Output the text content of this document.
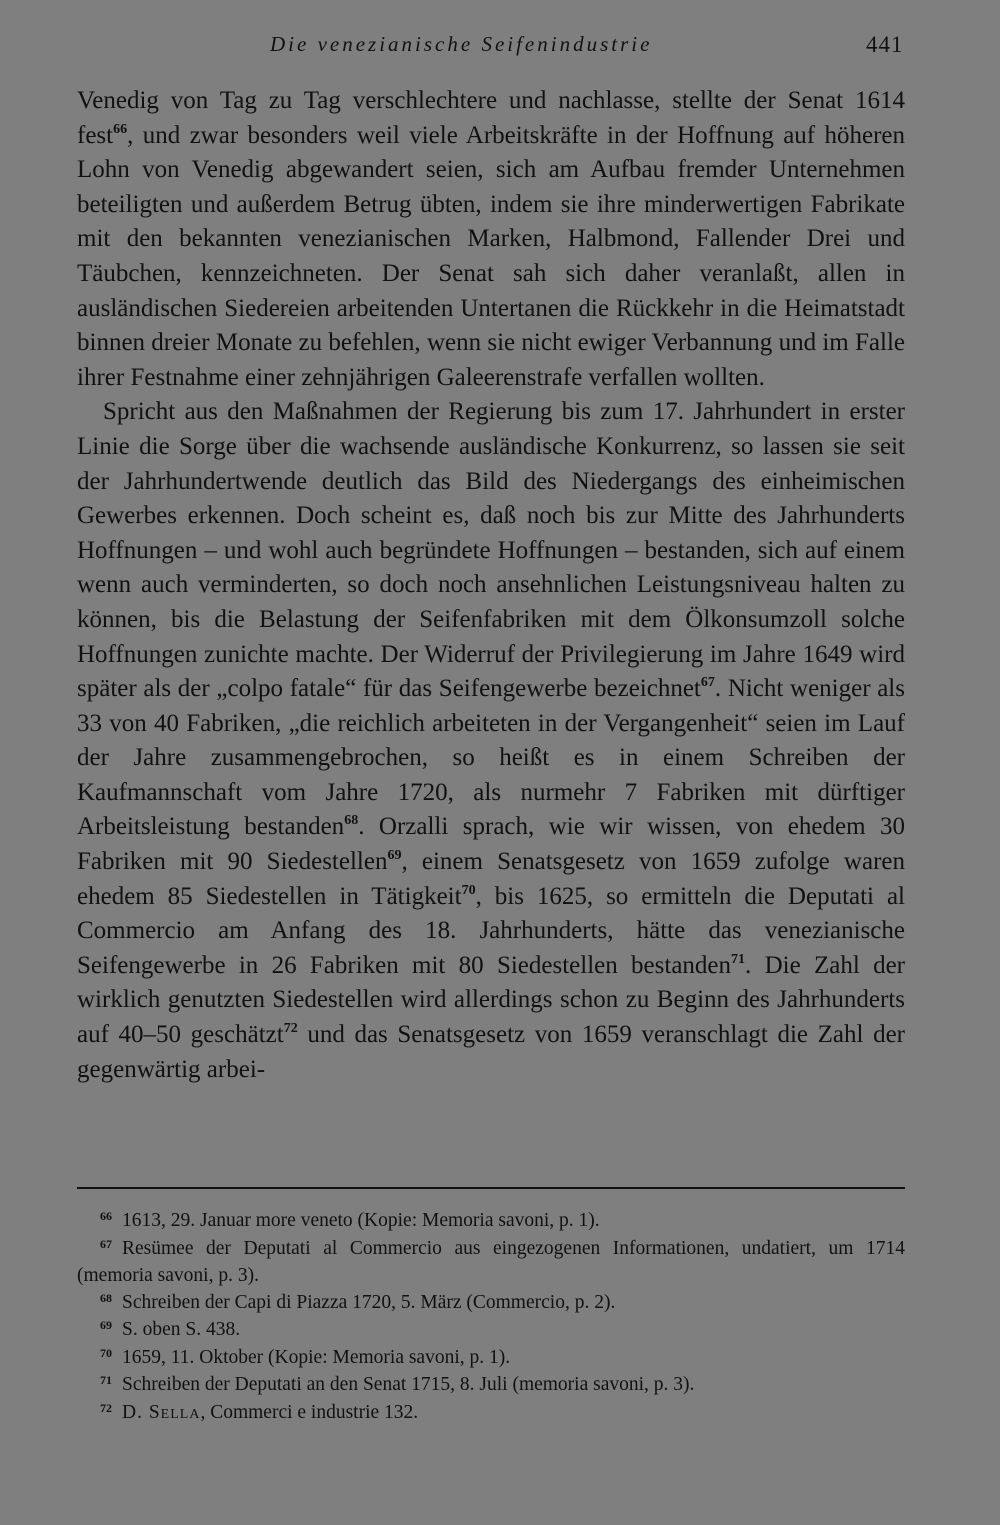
Die venezianische Seifenindustrie	441

Venedig von Tag zu Tag verschlechtere und nachlasse, stellte der Senat 1614 fest$^{66}$, und zwar besonders weil viele Arbeitskräfte in der Hoffnung auf höheren Lohn von Venedig abgewandert seien, sich am Aufbau fremder Unternehmen beteiligten und außerdem Betrug übten, indem sie ihre minderwertigen Fabrikate mit den bekannten venezianischen Marken, Halbmond, Fallender Drei und Täubchen, kennzeichneten. Der Senat sah sich daher veranlaßt, allen in ausländischen Siedereien arbeitenden Untertanen die Rückkehr in die Heimatstadt binnen dreier Monate zu befehlen, wenn sie nicht ewiger Verbannung und im Falle ihrer Festnahme einer zehnjährigen Galeerenstrafe verfallen wollten.

Spricht aus den Maßnahmen der Regierung bis zum 17. Jahrhundert in erster Linie die Sorge über die wachsende ausländische Konkurrenz, so lassen sie seit der Jahrhundertwende deutlich das Bild des Niedergangs des einheimischen Gewerbes erkennen. Doch scheint es, daß noch bis zur Mitte des Jahrhunderts Hoffnungen – und wohl auch begründete Hoffnungen – bestanden, sich auf einem wenn auch verminderten, so doch noch ansehnlichen Leistungsniveau halten zu können, bis die Belastung der Seifenfabriken mit dem Ölkonsumzoll solche Hoffnungen zunichte machte. Der Widerruf der Privilegierung im Jahre 1649 wird später als der „colpo fatale“ für das Seifengewerbe bezeichnet$^{67}$. Nicht weniger als 33 von 40 Fabriken, „die reichlich arbeiteten in der Vergangenheit“ seien im Lauf der Jahre zusammengebrochen, so heißt es in einem Schreiben der Kaufmannschaft vom Jahre 1720, als nurmehr 7 Fabriken mit dürftiger Arbeitsleistung bestanden$^{68}$. Orzalli sprach, wie wir wissen, von ehedem 30 Fabriken mit 90 Siedestellen$^{69}$, einem Senatsgesetz von 1659 zufolge waren ehedem 85 Siedestellen in Tätigkeit$^{70}$, bis 1625, so ermitteln die Deputati al Commercio am Anfang des 18. Jahrhunderts, hätte das venezianische Seifengewerbe in 26 Fabriken mit 80 Siedestellen bestanden$^{71}$. Die Zahl der wirklich genutzten Siedestellen wird allerdings schon zu Beginn des Jahrhunderts auf 40–50 geschätzt$^{72}$ und das Senatsgesetz von 1659 veranschlagt die Zahl der gegenwärtig arbei-

$^{66}$ 1613, 29. Januar more veneto (Kopie: Memoria savoni, p. 1).
$^{67}$ Resümee der Deputati al Commercio aus eingezogenen Informationen, undatiert, um 1714 (memoria savoni, p. 3).
$^{68}$ Schreiben der Capi di Piazza 1720, 5. März (Commercio, p. 2).
$^{69}$ S. oben S. 438.
$^{70}$ 1659, 11. Oktober (Kopie: Memoria savoni, p. 1).
$^{71}$ Schreiben der Deputati an den Senat 1715, 8. Juli (memoria savoni, p. 3).
$^{72}$ D. Sella, Commerci e industrie 132.
